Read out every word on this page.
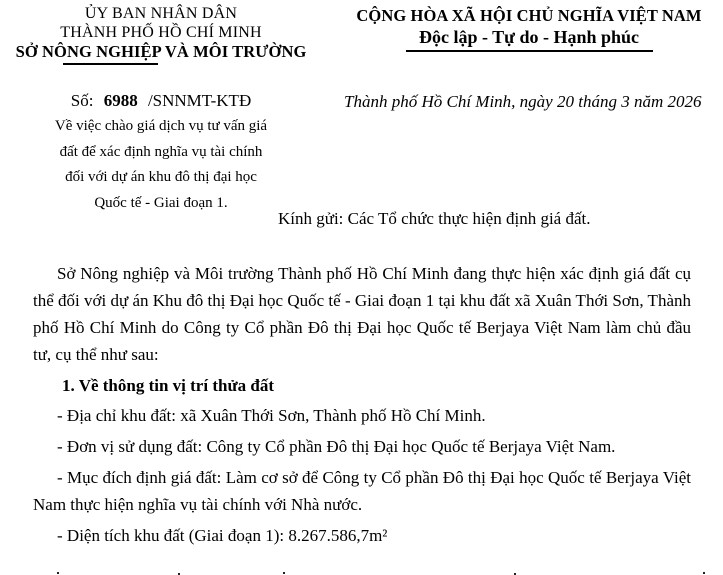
ỦY BAN NHÂN DÂN
THÀNH PHỐ HỒ CHÍ MINH
SỞ NÔNG NGHIỆP VÀ MÔI TRƯỜNG
CỘNG HÒA XÃ HỘI CHỦ NGHĨA VIỆT NAM
Độc lập - Tự do - Hạnh phúc
Số: 6988 /SNNMT-KTĐ
Về việc chào giá dịch vụ tư vấn giá
đất để xác định nghĩa vụ tài chính
đối với dự án khu đô thị đại học
Quốc tế - Giai đoạn 1.
Thành phố Hồ Chí Minh, ngày 20 tháng 3 năm 2026
Kính gửi: Các Tổ chức thực hiện định giá đất.

Sở Nông nghiệp và Môi trường Thành phố Hồ Chí Minh đang thực hiện xác định giá đất cụ thể đối với dự án Khu đô thị Đại học Quốc tế - Giai đoạn 1 tại khu đất xã Xuân Thới Sơn, Thành phố Hồ Chí Minh do Công ty Cổ phần Đô thị Đại học Quốc tế Berjaya Việt Nam làm chủ đầu tư, cụ thể như sau:

1. Về thông tin vị trí thửa đất

- Địa chỉ khu đất: xã Xuân Thới Sơn, Thành phố Hồ Chí Minh.

- Đơn vị sử dụng đất: Công ty Cổ phần Đô thị Đại học Quốc tế Berjaya Việt Nam.

- Mục đích định giá đất: Làm cơ sở để Công ty Cổ phần Đô thị Đại học Quốc tế Berjaya Việt Nam thực hiện nghĩa vụ tài chính với Nhà nước.

- Diện tích khu đất (Giai đoạn 1): 8.267.586,7m²
